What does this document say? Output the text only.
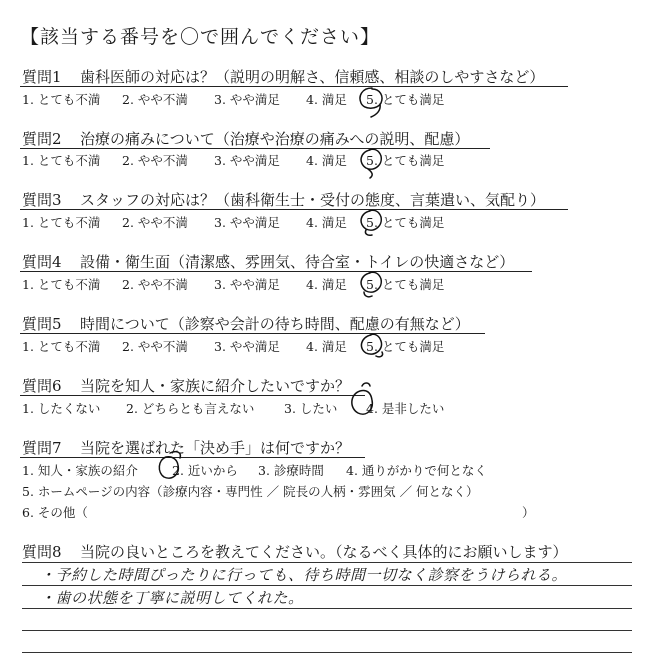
【該当する番号を〇で囲んでください】
質問1 歯科医師の対応は？（説明の明解さ、信頼感、相談のしやすさなど）
1. とても不満 2. やや不満 3. やや満足 4. 満足 5. とても満足
質問2 治療の痛みについて（治療や治療の痛みへの説明、配慮）
1. とても不満 2. やや不満 3. やや満足 4. 満足 5. とても満足
質問3 スタッフの対応は？（歯科衛生士・受付の態度、言葉遣い、気配り）
1. とても不満 2. やや不満 3. やや満足 4. 満足 5. とても満足
質問4 設備・衛生面（清潔感、雰囲気、待合室・トイレの快適さなど）
1. とても不満 2. やや不満 3. やや満足 4. 満足 5. とても満足
質問5 時間について（診察や会計の待ち時間、配慮の有無など）
1. とても不満 2. やや不満 3. やや満足 4. 満足 5. とても満足
質問6 当院を知人・家族に紹介したいですか？
1. したくない 2. どちらとも言えない 3. したい 4. 是非したい
質問7 当院を選ばれた「決め手」は何ですか？
1. 知人・家族の紹介	2. 近いから 3. 診療時間 4. 通りがかりで何となく
5. ホームページの内容（診療内容・専門性 ／ 院長の人柄・雰囲気 ／ 何となく）
6. その他（	）
質問8 当院の良いところを教えてください。（なるべく具体的にお願いします）
・予約した時間ぴったりに行っても、待ち時間一切なく診察をうけられる。
・歯の状態を丁寧に説明してくれた。
